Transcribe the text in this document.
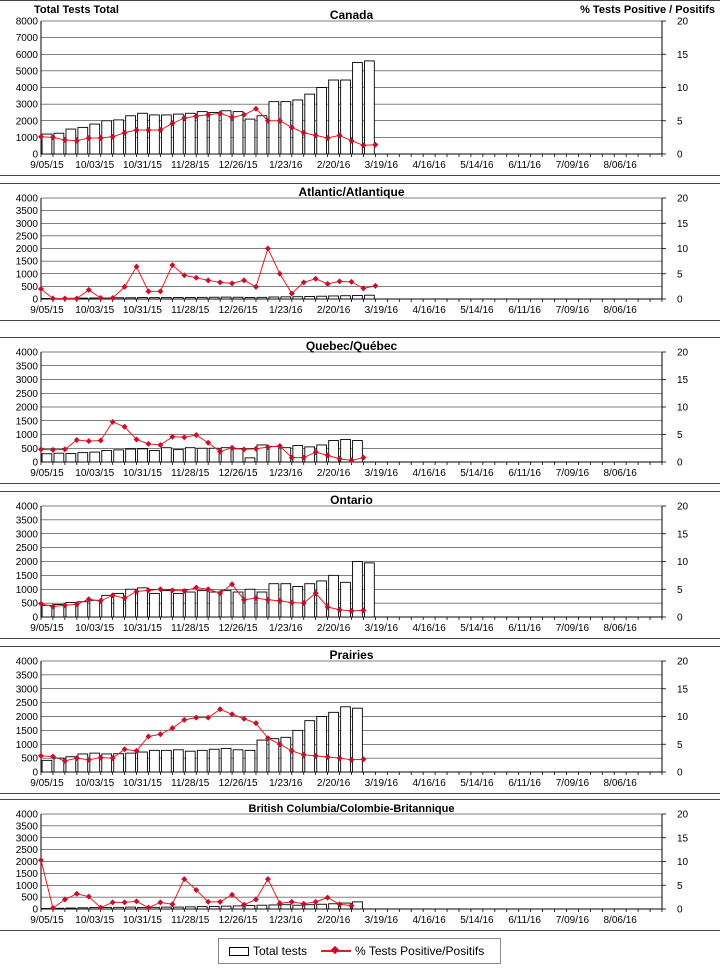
Total Tests Total	% Tests Positive / Positifs
Canada
0
1000
2000
3000
4000
5000
6000
7000
8000
0
5
10
15
20
9/05/15 10/03/15 10/31/15 11/28/15 12/26/15 1/23/16 2/20/16 3/19/16 4/16/16 5/14/16 6/11/16 7/09/16 8/06/16
Atlantic/Atlantique
0
500
1000
1500
2000
2500
3000
3500
4000
0
5
10
15
20
9/05/15 10/03/15 10/31/15 11/28/15 12/26/15 1/23/16 2/20/16 3/19/16 4/16/16 5/14/16 6/11/16 7/09/16 8/06/16
Quebec/Québec
0
500
1000
1500
2000
2500
3000
3500
4000
0
5
10
15
20
9/05/15 10/03/15 10/31/15 11/28/15 12/26/15 1/23/16 2/20/16 3/19/16 4/16/16 5/14/16 6/11/16 7/09/16 8/06/16
Ontario
0
500
1000
1500
2000
2500
3000
3500
4000
0
5
10
15
20
9/05/15 10/03/15 10/31/15 11/28/15 12/26/15 1/23/16 2/20/16 3/19/16 4/16/16 5/14/16 6/11/16 7/09/16 8/06/16
Prairies
0
500
1000
1500
2000
2500
3000
3500
4000
0
5
10
15
20
9/05/15 10/03/15 10/31/15 11/28/15 12/26/15 1/23/16 2/20/16 3/19/16 4/16/16 5/14/16 6/11/16 7/09/16 8/06/16
British Columbia/Colombie-Britannique
0
500
1000
1500
2000
2500
3000
3500
4000
0
5
10
15
20
9/05/15 10/03/15 10/31/15 11/28/15 12/26/15 1/23/16 2/20/16 3/19/16 4/16/16 5/14/16 6/11/16 7/09/16 8/06/16
Total tests	% Tests Positive/Positifs
